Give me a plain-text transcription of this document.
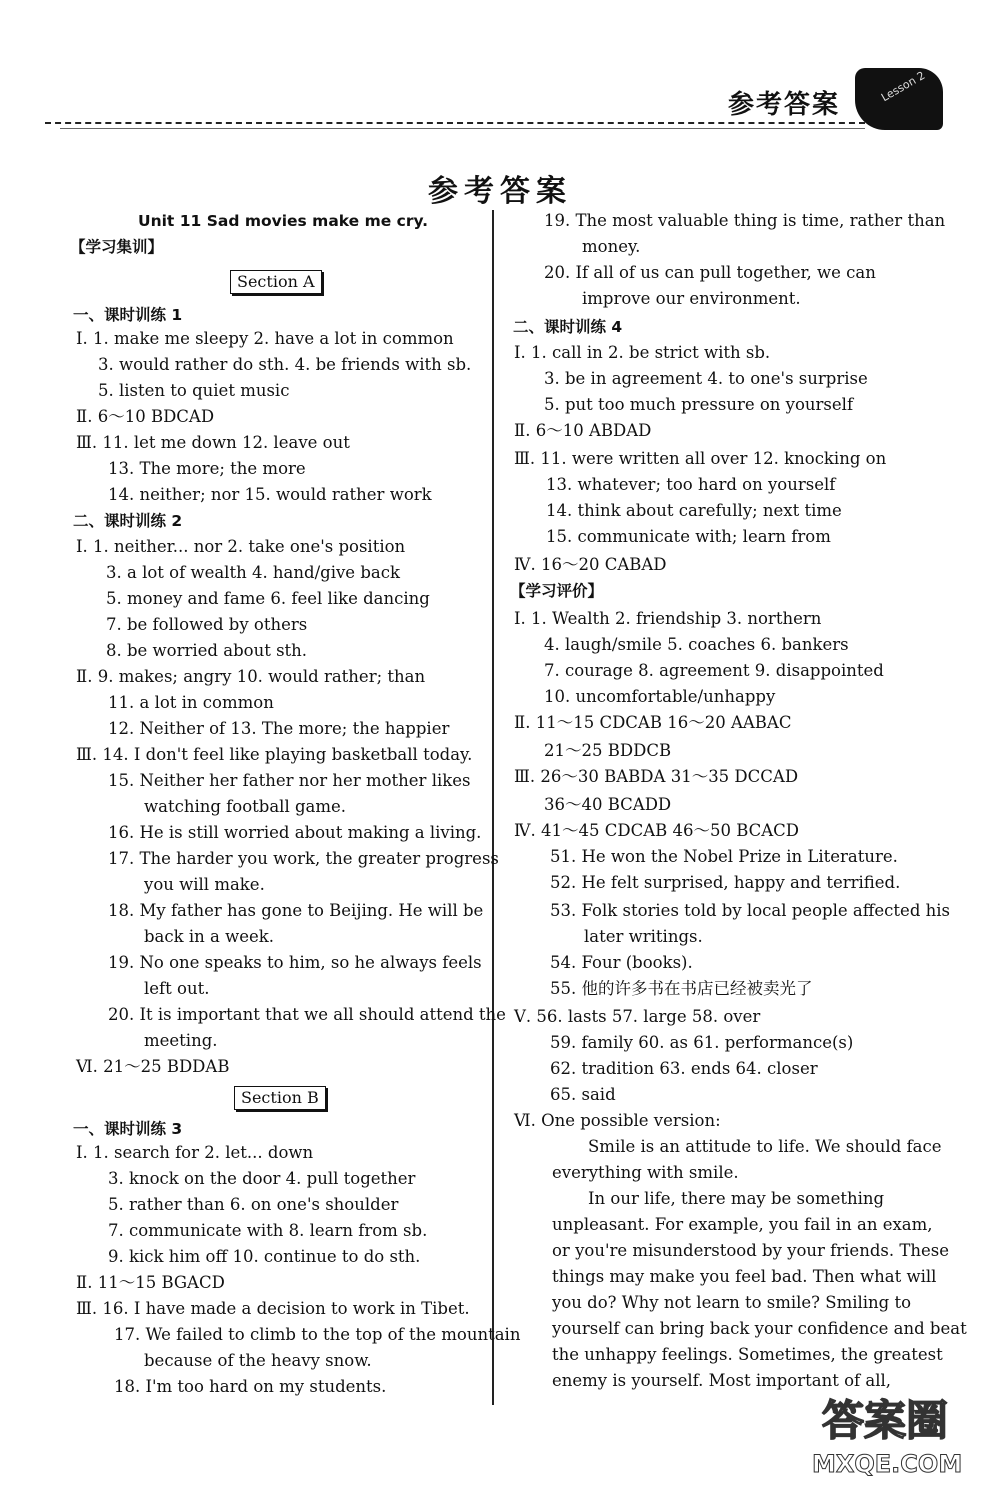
参考答案
Lesson 2
参考答案
Unit 11 Sad movies make me cry.
【学习集训】
Section A
一、课时训练 1
Ⅰ. 1. make me sleepy 2. have a lot in common
3. would rather do sth. 4. be friends with sb.
5. listen to quiet music
Ⅱ. 6～10 BDCAD
Ⅲ. 11. let me down 12. leave out
13. The more; the more
14. neither; nor 15. would rather work
二、课时训练 2
Ⅰ. 1. neither... nor 2. take one's position
3. a lot of wealth 4. hand/give back
5. money and fame 6. feel like dancing
7. be followed by others
8. be worried about sth.
Ⅱ. 9. makes; angry 10. would rather; than
11. a lot in common
12. Neither of 13. The more; the happier
Ⅲ. 14. I don't feel like playing basketball today.
15. Neither her father nor her mother likes
watching football game.
16. He is still worried about making a living.
17. The harder you work, the greater progress
you will make.
18. My father has gone to Beijing. He will be
back in a week.
19. No one speaks to him, so he always feels
left out.
20. It is important that we all should attend the
meeting.
Ⅵ. 21～25 BDDAB
Section B
一、课时训练 3
Ⅰ. 1. search for 2. let... down
3. knock on the door 4. pull together
5. rather than 6. on one's shoulder
7. communicate with 8. learn from sb.
9. kick him off 10. continue to do sth.
Ⅱ. 11～15 BGACD
Ⅲ. 16. I have made a decision to work in Tibet.
17. We failed to climb to the top of the mountain
because of the heavy snow.
18. I'm too hard on my students.
19. The most valuable thing is time, rather than
money.
20. If all of us can pull together, we can
improve our environment.
二、课时训练 4
Ⅰ. 1. call in 2. be strict with sb.
3. be in agreement 4. to one's surprise
5. put too much pressure on yourself
Ⅱ. 6～10 ABDAD
Ⅲ. 11. were written all over 12. knocking on
13. whatever; too hard on yourself
14. think about carefully; next time
15. communicate with; learn from
Ⅳ. 16～20 CABAD
【学习评价】
Ⅰ. 1. Wealth 2. friendship 3. northern
4. laugh/smile 5. coaches 6. bankers
7. courage 8. agreement 9. disappointed
10. uncomfortable/unhappy
Ⅱ. 11～15 CDCAB 16～20 AABAC
21～25 BDDCB
Ⅲ. 26～30 BABDA 31～35 DCCAD
36～40 BCADD
Ⅳ. 41～45 CDCAB 46～50 BCACD
51. He won the Nobel Prize in Literature.
52. He felt surprised, happy and terrified.
53. Folk stories told by local people affected his
later writings.
54. Four (books).
55. 他的许多书在书店已经被卖光了
Ⅴ. 56. lasts 57. large 58. over
59. family 60. as 61. performance(s)
62. tradition 63. ends 64. closer
65. said
Ⅵ. One possible version:
Smile is an attitude to life. We should face
everything with smile.
In our life, there may be something
unpleasant. For example, you fail in an exam,
or you're misunderstood by your friends. These
things may make you feel bad. Then what will
you do? Why not learn to smile? Smiling to
yourself can bring back your confidence and beat
the unhappy feelings. Sometimes, the greatest
enemy is yourself. Most important of all,
答案圈
MXQE.COM
